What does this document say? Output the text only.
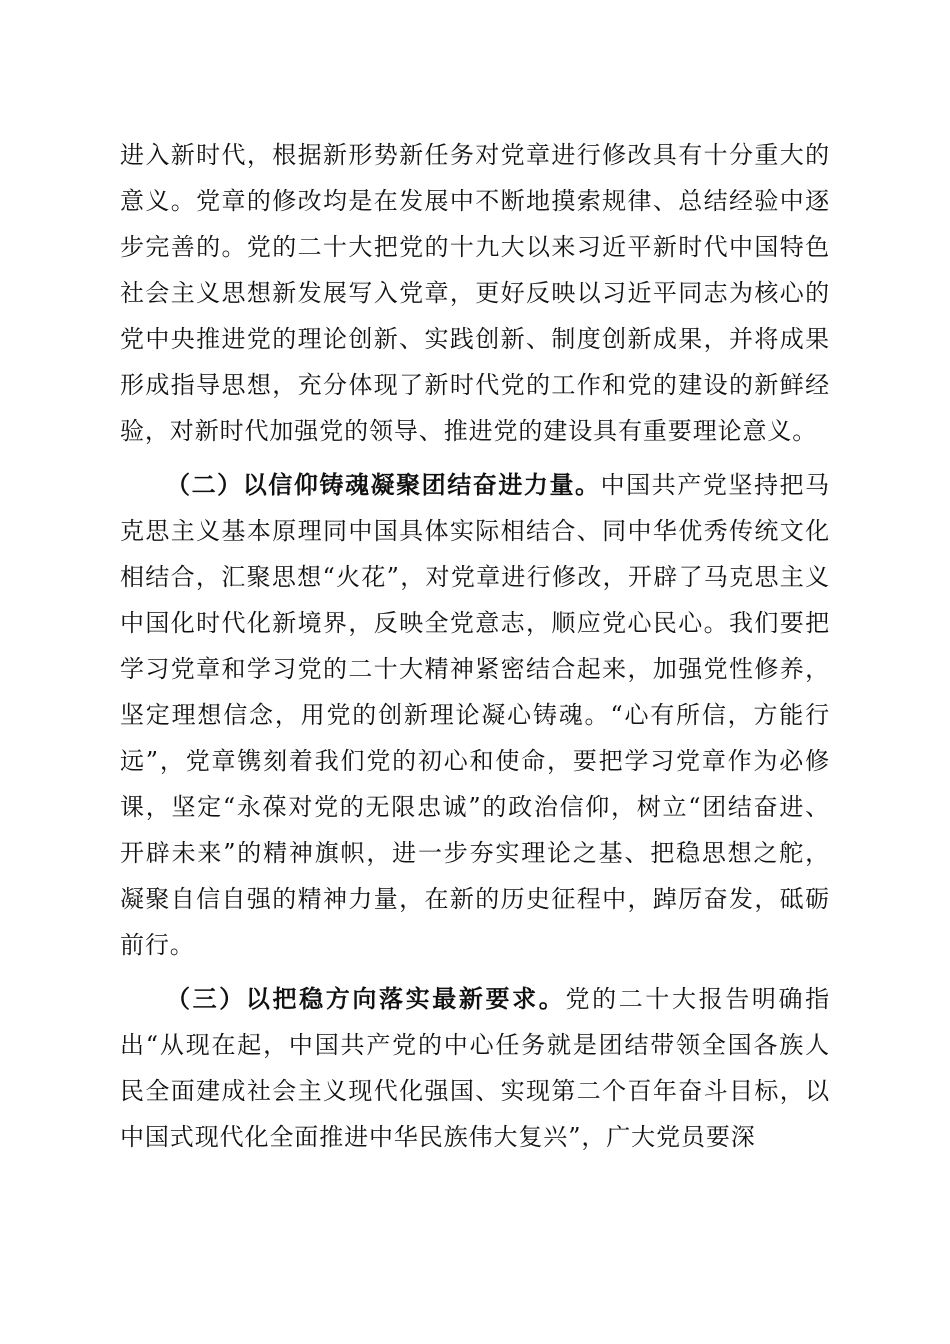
进入新时代，根据新形势新任务对党章进行修改具有十分重大的意义。党章的修改均是在发展中不断地摸索规律、总结经验中逐步完善的。党的二十大把党的十九大以来习近平新时代中国特色社会主义思想新发展写入党章，更好反映以习近平同志为核心的党中央推进党的理论创新、实践创新、制度创新成果，并将成果形成指导思想，充分体现了新时代党的工作和党的建设的新鲜经验，对新时代加强党的领导、推进党的建设具有重要理论意义。

（二）以信仰铸魂凝聚团结奋进力量。中国共产党坚持把马克思主义基本原理同中国具体实际相结合、同中华优秀传统文化相结合，汇聚思想“火花”，对党章进行修改，开辟了马克思主义中国化时代化新境界，反映全党意志，顺应党心民心。我们要把学习党章和学习党的二十大精神紧密结合起来，加强党性修养，坚定理想信念，用党的创新理论凝心铸魂。“心有所信，方能行远”，党章镌刻着我们党的初心和使命，要把学习党章作为必修课，坚定“永葆对党的无限忠诚”的政治信仰，树立“团结奋进、开辟未来”的精神旗帜，进一步夯实理论之基、把稳思想之舵，凝聚自信自强的精神力量，在新的历史征程中，踔厉奋发，砥砺前行。

（三）以把稳方向落实最新要求。党的二十大报告明确指出“从现在起，中国共产党的中心任务就是团结带领全国各族人民全面建成社会主义现代化强国、实现第二个百年奋斗目标，以中国式现代化全面推进中华民族伟大复兴”，广大党员要深
